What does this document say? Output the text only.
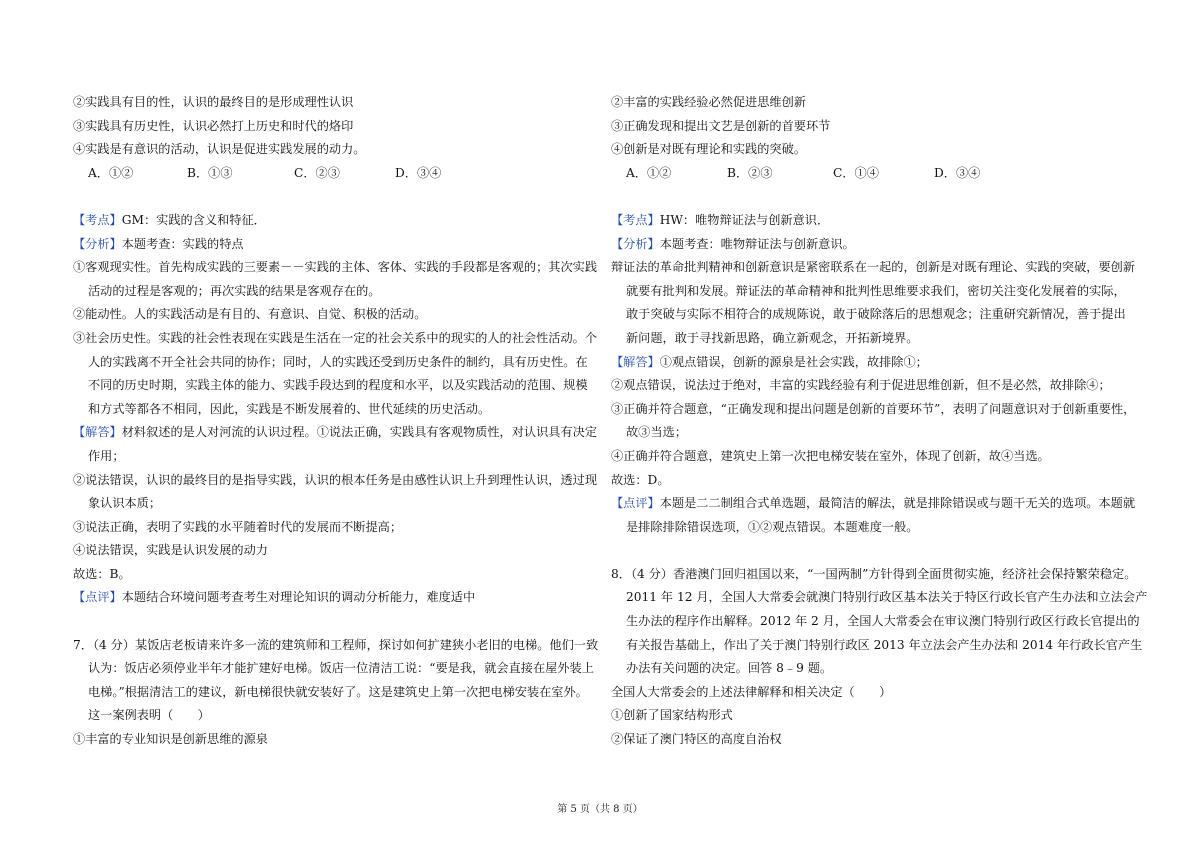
②实践具有目的性，认识的最终目的是形成理性认识
③实践具有历史性，认识必然打上历史和时代的烙印
④实践是有意识的活动，认识是促进实践发展的动力。
A．①②	B．①③	C．②③	D．③④
【考点】GM：实践的含义和特征．
【分析】本题考查：实践的特点
①客观现实性。首先构成实践的三要素－－实践的主体、客体、实践的手段都是客观的；其次实践
活动的过程是客观的；再次实践的结果是客观存在的。
②能动性。人的实践活动是有目的、有意识、自觉、积极的活动。
③社会历史性。实践的社会性表现在实践是生活在一定的社会关系中的现实的人的社会性活动。个
人的实践离不开全社会共同的协作；同时，人的实践还受到历史条件的制约，具有历史性。在
不同的历史时期，实践主体的能力、实践手段达到的程度和水平，以及实践活动的范围、规模
和方式等都各不相同，因此，实践是不断发展着的、世代延续的历史活动。
【解答】材料叙述的是人对河流的认识过程。①说法正确，实践具有客观物质性，对认识具有决定
作用；
②说法错误，认识的最终目的是指导实践，认识的根本任务是由感性认识上升到理性认识，透过现
象认识本质；
③说法正确，表明了实践的水平随着时代的发展而不断提高；
④说法错误，实践是认识发展的动力
故选：B。
【点评】本题结合环境问题考查考生对理论知识的调动分析能力，难度适中
7．（4 分）某饭店老板请来许多一流的建筑师和工程师，探讨如何扩建狭小老旧的电梯。他们一致
认为：饭店必须停业半年才能扩建好电梯。饭店一位清洁工说：“要是我，就会直接在屋外装上
电梯。”根据清洁工的建议，新电梯很快就安装好了。这是建筑史上第一次把电梯安装在室外。
这一案例表明（　　）
①丰富的专业知识是创新思维的源泉
②丰富的实践经验必然促进思维创新
③正确发现和提出文艺是创新的首要环节
④创新是对既有理论和实践的突破。
A．①②	B．②③	C．①④	D．③④
【考点】HW：唯物辩证法与创新意识．
【分析】本题考查：唯物辩证法与创新意识。
辩证法的革命批判精神和创新意识是紧密联系在一起的，创新是对既有理论、实践的突破，要创新
就要有批判和发展。辩证法的革命精神和批判性思维要求我们，密切关注变化发展着的实际，
敢于突破与实际不相符合的成规陈说，敢于破除落后的思想观念；注重研究新情况，善于提出
新问题，敢于寻找新思路，确立新观念，开拓新境界。
【解答】①观点错误，创新的源泉是社会实践，故排除①；
②观点错误，说法过于绝对，丰富的实践经验有利于促进思维创新，但不是必然，故排除④；
③正确并符合题意，“正确发现和提出问题是创新的首要环节”，表明了问题意识对于创新重要性，
故③当选；
④正确并符合题意，建筑史上第一次把电梯安装在室外，体现了创新，故④当选。
故选：D。
【点评】本题是二二制组合式单选题，最简洁的解法，就是排除错误或与题干无关的选项。本题就
是排除排除错误选项，①②观点错误。本题难度一般。
8．（4 分）香港澳门回归祖国以来，“一国两制”方针得到全面贯彻实施，经济社会保持繁荣稳定。
2011 年 12 月，全国人大常委会就澳门特别行政区基本法关于特区行政长官产生办法和立法会产
生办法的程序作出解释。2012 年 2 月，全国人大常委会在审议澳门特别行政区行政长官提出的
有关报告基础上，作出了关于澳门特别行政区 2013 年立法会产生办法和 2014 年行政长官产生
办法有关问题的决定。回答 8﹣9 题。
全国人大常委会的上述法律解释和相关决定（　　）
①创新了国家结构形式
②保证了澳门特区的高度自治权
第 5 页（共 8 页）
